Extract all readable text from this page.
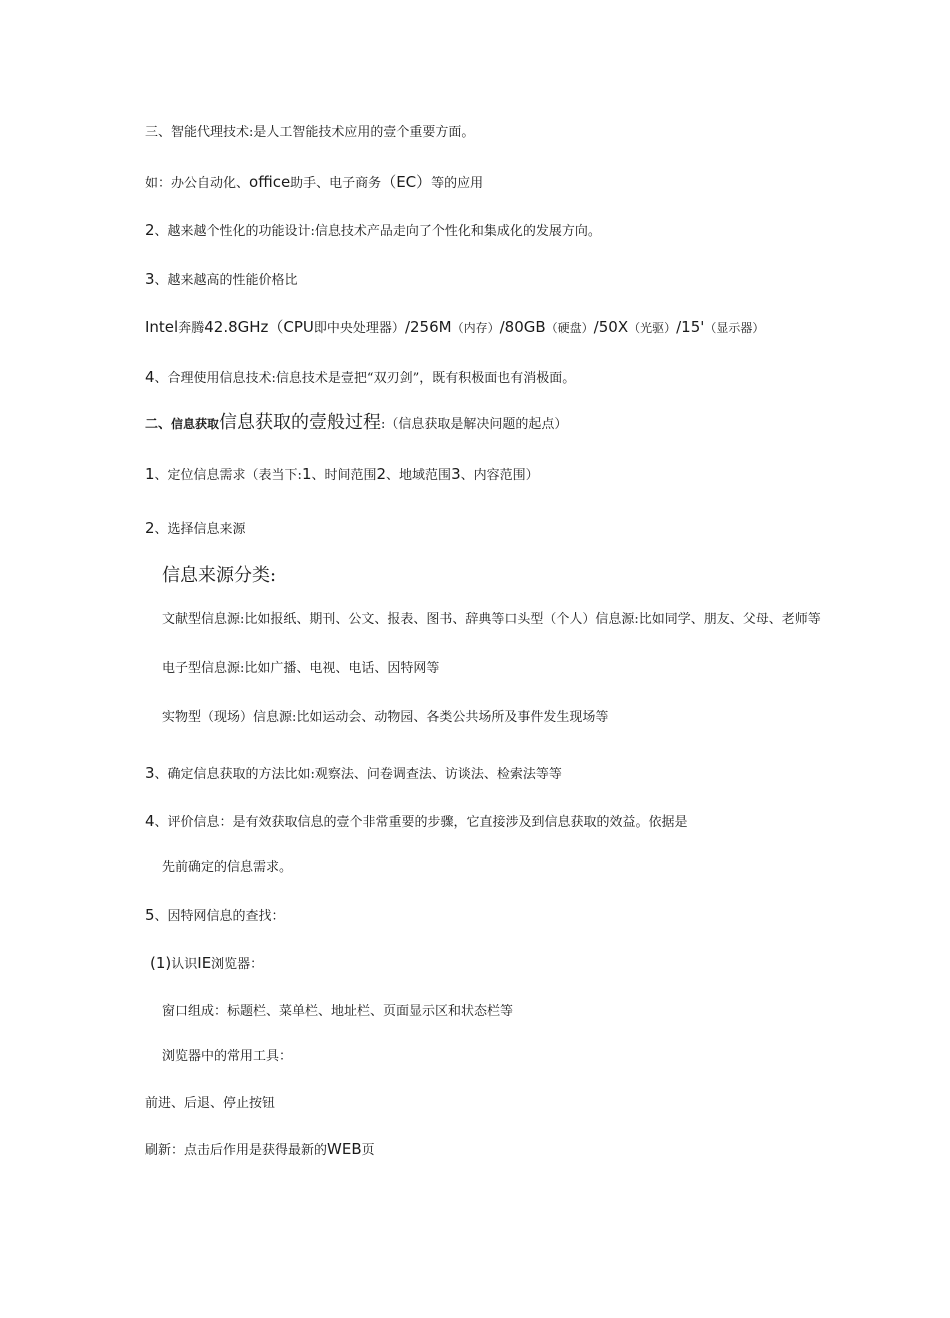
三、智能代理技术:是人工智能技术应用的壹个重要方面。
如：办公自动化、office助手、电子商务（EC）等的应用
2、越来越个性化的功能设计:信息技术产品走向了个性化和集成化的发展方向。
3、越来越高的性能价格比
Intel奔腾42.8GHz（CPU即中央处理器）/256M（内存）/80GB（硬盘）/50X（光驱）/15'（显示器）
4、合理使用信息技术:信息技术是壹把“双刃剑”，既有积极面也有消极面。
二、信息获取信息获取的壹般过程:（信息获取是解决问题的起点）
1、定位信息需求（表当下:1、时间范围2、地域范围3、内容范围）
2、选择信息来源
信息来源分类:
文献型信息源:比如报纸、期刊、公文、报表、图书、辞典等口头型（个人）信息源:比如同学、朋友、父母、老师等
电子型信息源:比如广播、电视、电话、因特网等
实物型（现场）信息源:比如运动会、动物园、各类公共场所及事件发生现场等
3、确定信息获取的方法比如:观察法、问卷调查法、访谈法、检索法等等
4、评价信息：是有效获取信息的壹个非常重要的步骤，它直接涉及到信息获取的效益。依据是
先前确定的信息需求。
5、因特网信息的查找：
(1)认识IE浏览器：
窗口组成：标题栏、菜单栏、地址栏、页面显示区和状态栏等
浏览器中的常用工具：
前进、后退、停止按钮
刷新：点击后作用是获得最新的WEB页
